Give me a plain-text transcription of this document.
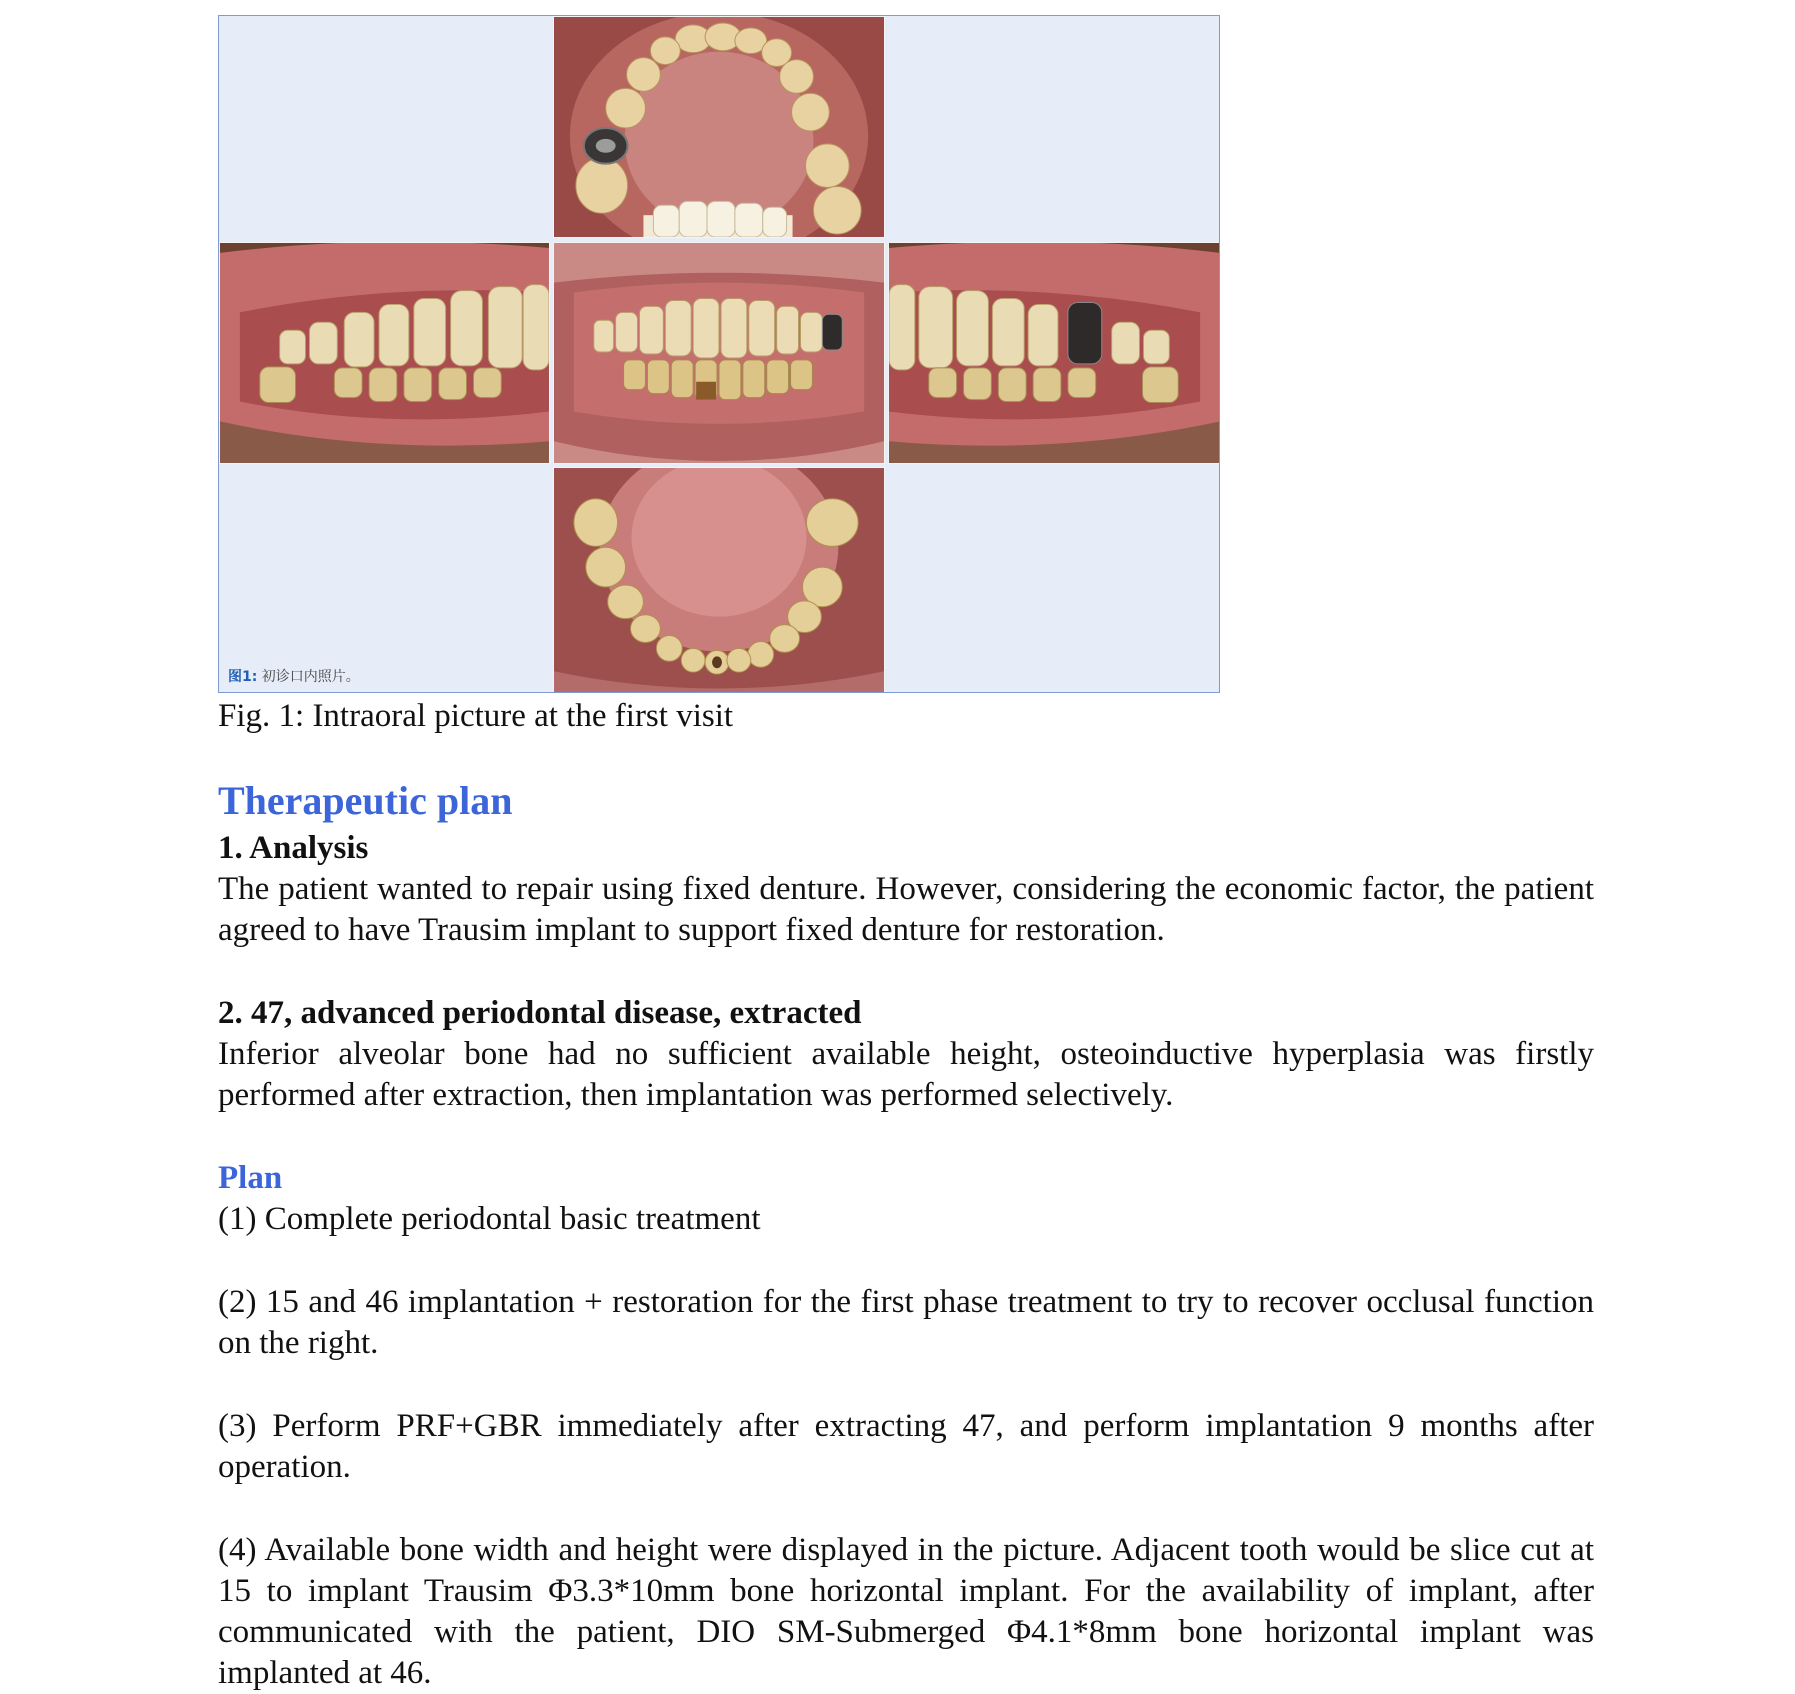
图1: 初诊口内照片。

Fig. 1: Intraoral picture at the first visit

Therapeutic plan

1. Analysis

The patient wanted to repair using fixed denture. However, considering the economic factor, the patient agreed to have Trausim implant to support fixed denture for restoration.

2. 47, advanced periodontal disease, extracted

Inferior alveolar bone had no sufficient available height, osteoinductive hyperplasia was firstly performed after extraction, then implantation was performed selectively.

Plan

(1) Complete periodontal basic treatment

(2) 15 and 46 implantation + restoration for the first phase treatment to try to recover occlusal function on the right.

(3) Perform PRF+GBR immediately after extracting 47, and perform implantation 9 months after operation.

(4) Available bone width and height were displayed in the picture. Adjacent tooth would be slice cut at 15 to implant Trausim Φ3.3*10mm bone horizontal implant. For the availability of implant, after communicated with the patient, DIO SM-Submerged Φ4.1*8mm bone horizontal implant was implanted at 46.
